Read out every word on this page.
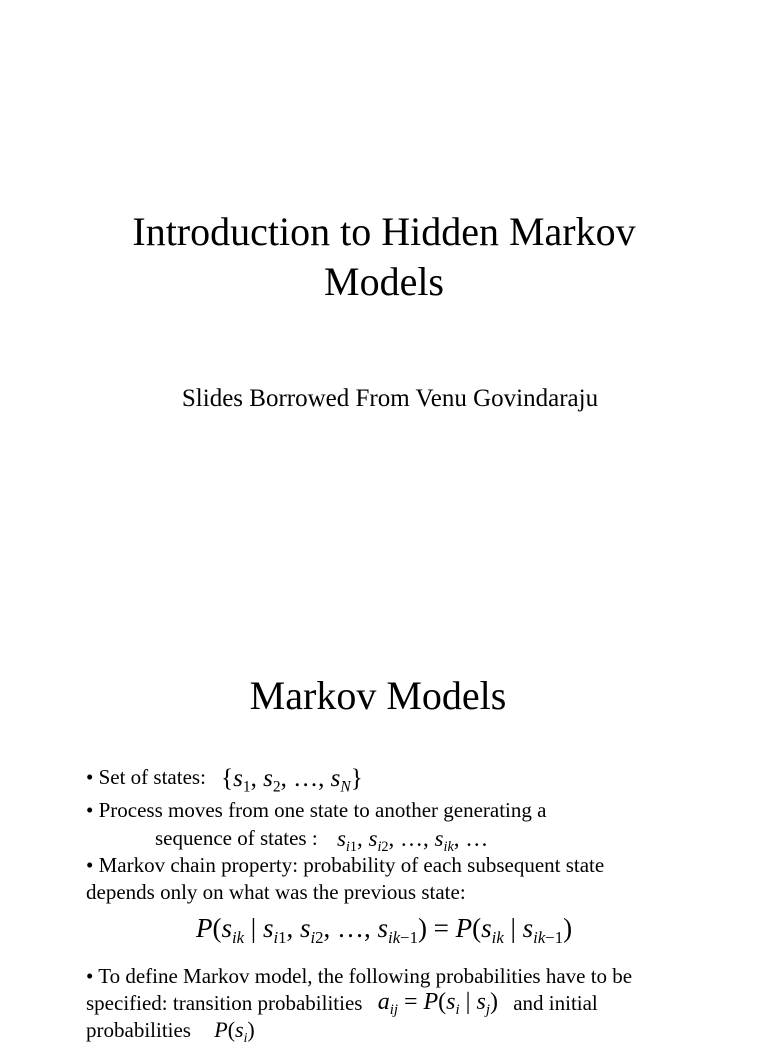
Introduction to Hidden Markov
Models
Slides Borrowed From Venu Govindaraju
Markov Models
• Set of states: {$s_1$, $s_2$, …, $s_N$}
• Process moves from one state to another generating a
sequence of states : $s_{i1}$, $s_{i2}$, …, $s_{ik}$, …
• Markov chain property: probability of each subsequent state
depends only on what was the previous state:
$P(s_{ik}$ | $s_{i1}$, $s_{i2}$, …, $s_{ik-1}) = P(s_{ik}$ | $s_{ik-1}$)
• To define Markov model, the following probabilities have to be
specified: transition probabilities $a_{ij} = P(s_i$ | $s_j$) and initial
probabilities $P(s_i)$
